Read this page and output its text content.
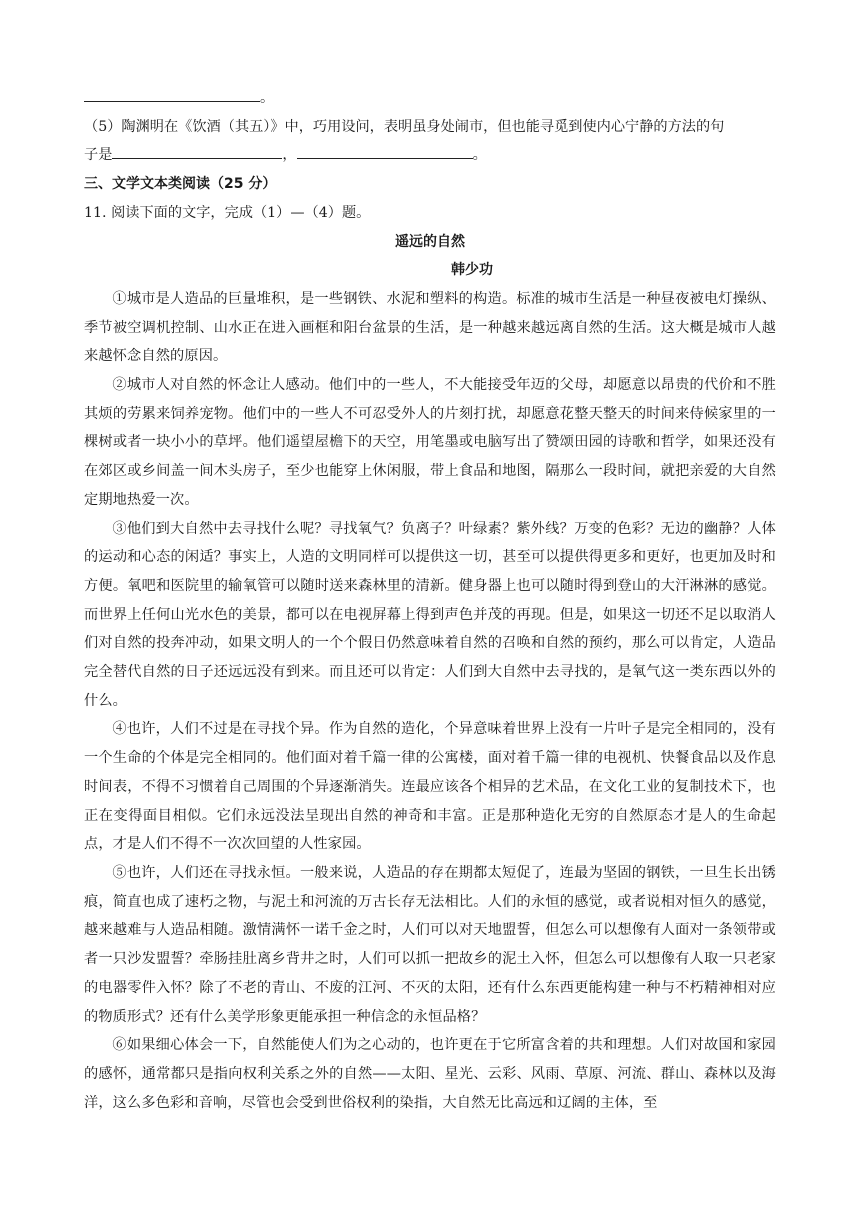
。
（5）陶渊明在《饮酒（其五）》中，巧用设问，表明虽身处闹市，但也能寻觅到使内心宁静的方法的句
子是	，	。
三、文学文本类阅读（25 分）
11. 阅读下面的文字，完成（1）—（4）题。
遥远的自然
韩少功

①城市是人造品的巨量堆积，是一些钢铁、水泥和塑料的构造。标准的城市生活是一种昼夜被电灯操纵、季节被空调机控制、山水正在进入画框和阳台盆景的生活，是一种越来越远离自然的生活。这大概是城市人越来越怀念自然的原因。

②城市人对自然的怀念让人感动。他们中的一些人，不大能接受年迈的父母，却愿意以昂贵的代价和不胜其烦的劳累来饲养宠物。他们中的一些人不可忍受外人的片刻打扰，却愿意花整天整天的时间来侍候家里的一棵树或者一块小小的草坪。他们遥望屋檐下的天空，用笔墨或电脑写出了赞颂田园的诗歌和哲学，如果还没有在郊区或乡间盖一间木头房子，至少也能穿上休闲服，带上食品和地图，隔那么一段时间，就把亲爱的大自然定期地热爱一次。

③他们到大自然中去寻找什么呢？寻找氧气？负离子？叶绿素？紫外线？万变的色彩？无边的幽静？人体的运动和心态的闲适？事实上，人造的文明同样可以提供这一切，甚至可以提供得更多和更好，也更加及时和方便。氧吧和医院里的输氧管可以随时送来森林里的清新。健身器上也可以随时得到登山的大汗淋淋的感觉。而世界上任何山光水色的美景，都可以在电视屏幕上得到声色并茂的再现。但是，如果这一切还不足以取消人们对自然的投奔冲动，如果文明人的一个个假日仍然意味着自然的召唤和自然的预约，那么可以肯定，人造品完全替代自然的日子还远远没有到来。而且还可以肯定：人们到大自然中去寻找的，是氧气这一类东西以外的什么。

④也许，人们不过是在寻找个异。作为自然的造化，个异意味着世界上没有一片叶子是完全相同的，没有一个生命的个体是完全相同的。他们面对着千篇一律的公寓楼，面对着千篇一律的电视机、快餐食品以及作息时间表，不得不习惯着自己周围的个异逐渐消失。连最应该各个相异的艺术品，在文化工业的复制技术下，也正在变得面目相似。它们永远没法呈现出自然的神奇和丰富。正是那种造化无穷的自然原态才是人的生命起点，才是人们不得不一次次回望的人性家园。

⑤也许，人们还在寻找永恒。一般来说，人造品的存在期都太短促了，连最为坚固的钢铁，一旦生长出锈痕，简直也成了速朽之物，与泥土和河流的万古长存无法相比。人们的永恒的感觉，或者说相对恒久的感觉，越来越难与人造品相随。激情满怀一诺千金之时，人们可以对天地盟誓，但怎么可以想像有人面对一条领带或者一只沙发盟誓？牵肠挂肚离乡背井之时，人们可以抓一把故乡的泥土入怀，但怎么可以想像有人取一只老家的电器零件入怀？除了不老的青山、不废的江河、不灭的太阳，还有什么东西更能构建一种与不朽精神相对应的物质形式？还有什么美学形象更能承担一种信念的永恒品格？

⑥如果细心体会一下，自然能使人们为之心动的，也许更在于它所富含着的共和理想。人们对故国和家园的感怀，通常都只是指向权利关系之外的自然——太阳、星光、云彩、风雨、草原、河流、群山、森林以及海洋，这么多色彩和音响，尽管也会受到世俗权利的染指，大自然无比高远和辽阔的主体，至
